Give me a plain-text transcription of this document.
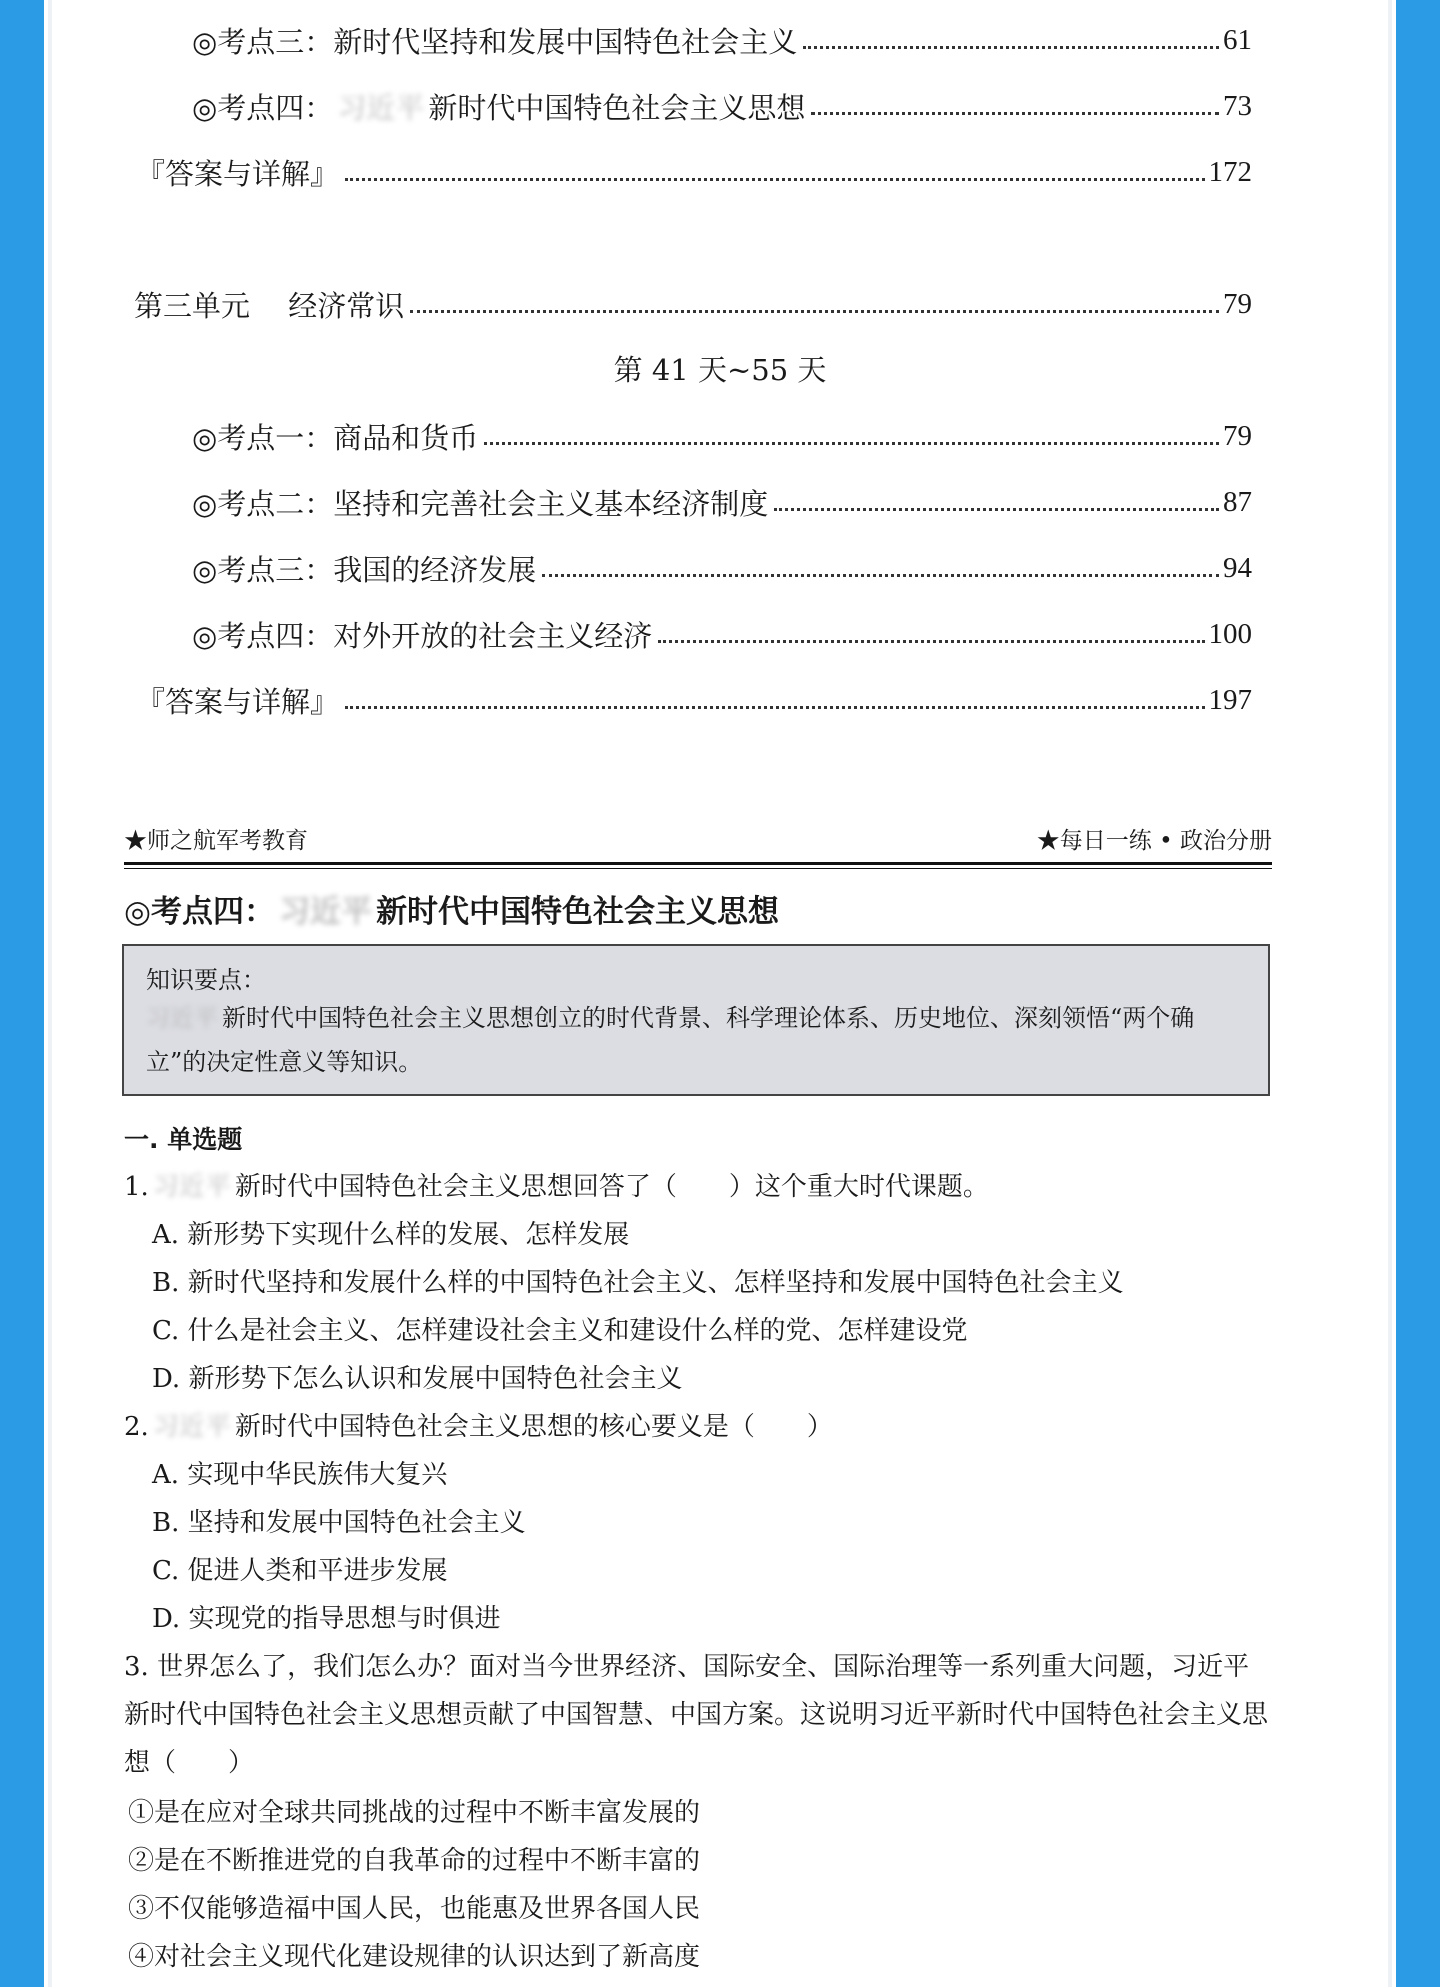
◎考点三：新时代坚持和发展中国特色社会主义	61
◎考点四： 习近平 新时代中国特色社会主义思想	73
『答案与详解』	172
第三单元　 经济常识	79
第 41 天~55 天
◎考点一：商品和货币	79
◎考点二：坚持和完善社会主义基本经济制度	87
◎考点三：我国的经济发展	94
◎考点四：对外开放的社会主义经济	100
『答案与详解』	197
★师之航军考教育	★每日一练 • 政治分册
◎考点四： 习近平 新时代中国特色社会主义思想
知识要点：
习近平 新时代中国特色社会主义思想创立的时代背景、科学理论体系、历史地位、深刻领悟“两个确立”的决定性意义等知识。
一. 单选题
1. 习近平 新时代中国特色社会主义思想回答了（　　）这个重大时代课题。
A. 新形势下实现什么样的发展、怎样发展
B. 新时代坚持和发展什么样的中国特色社会主义、怎样坚持和发展中国特色社会主义
C. 什么是社会主义、怎样建设社会主义和建设什么样的党、怎样建设党
D. 新形势下怎么认识和发展中国特色社会主义
2. 习近平 新时代中国特色社会主义思想的核心要义是（　　）
A. 实现中华民族伟大复兴
B. 坚持和发展中国特色社会主义
C. 促进人类和平进步发展
D. 实现党的指导思想与时俱进
3. 世界怎么了，我们怎么办？面对当今世界经济、国际安全、国际治理等一系列重大问题，习近平新时代中国特色社会主义思想贡献了中国智慧、中国方案。这说明习近平新时代中国特色社会主义思想（　　）
①是在应对全球共同挑战的过程中不断丰富发展的
②是在不断推进党的自我革命的过程中不断丰富的
③不仅能够造福中国人民，也能惠及世界各国人民
④对社会主义现代化建设规律的认识达到了新高度
